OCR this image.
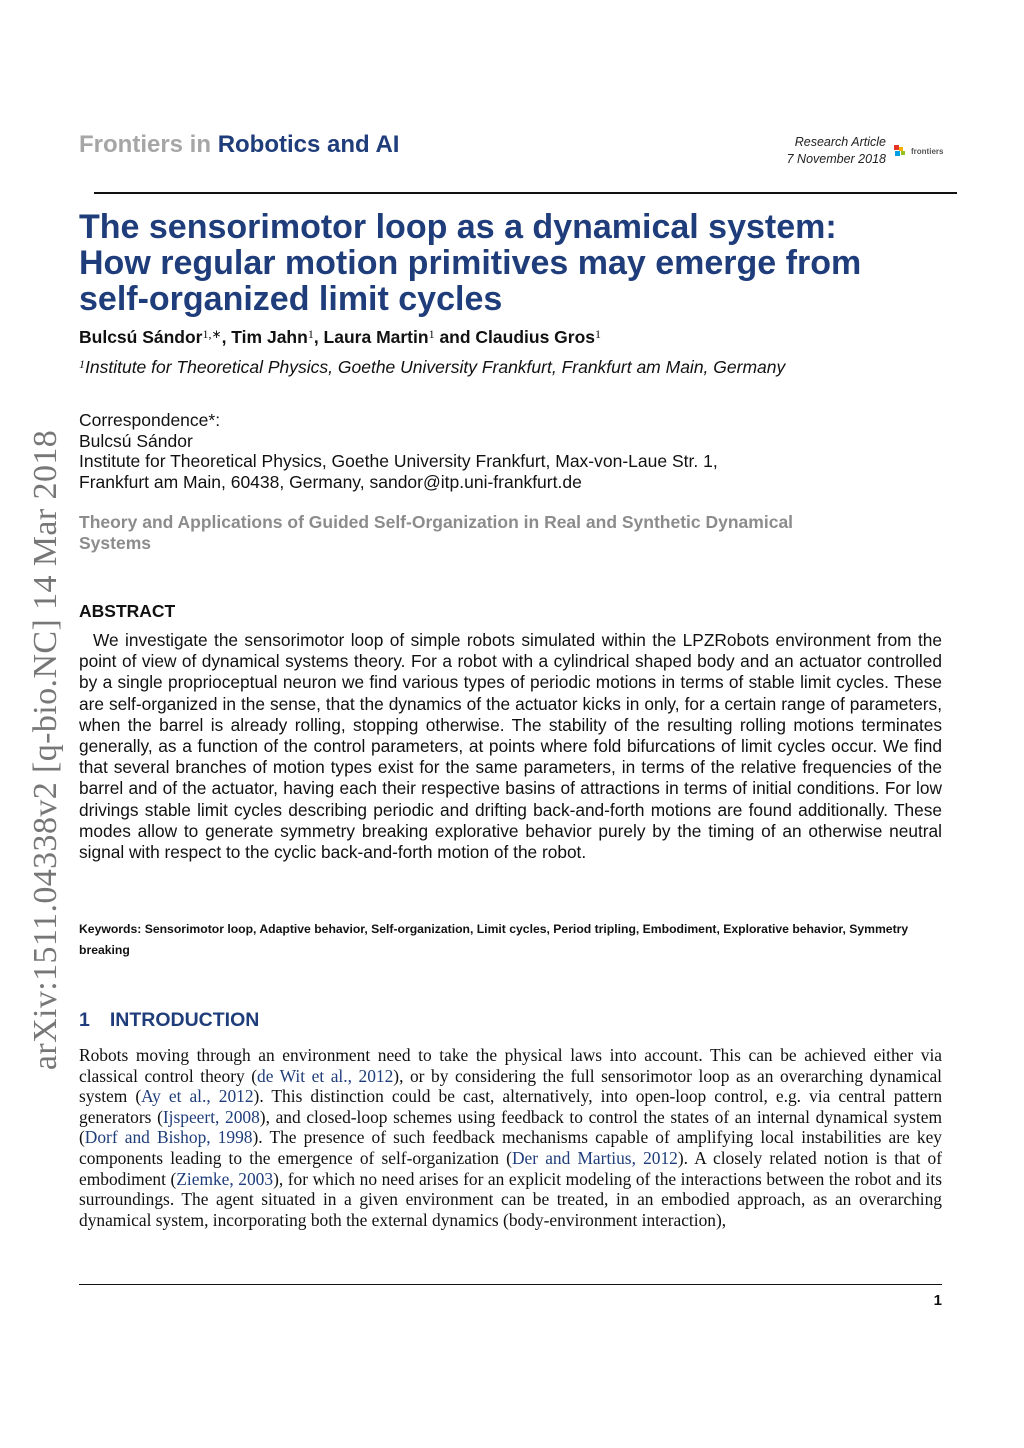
Frontiers in Robotics and AI	Research Article
7 November 2018
frontiers
The sensorimotor loop as a dynamical system: How regular motion primitives may emerge from self-organized limit cycles
Bulcsú Sándor$^{1,∗}$, Tim Jahn$^1$, Laura Martin$^1$ and Claudius Gros$^1$
$^1$Institute for Theoretical Physics, Goethe University Frankfurt, Frankfurt am Main, Germany
Correspondence*:
Bulcsú Sándor
Institute for Theoretical Physics, Goethe University Frankfurt, Max-von-Laue Str. 1,
Frankfurt am Main, 60438, Germany, sandor@itp.uni-frankfurt.de
Theory and Applications of Guided Self-Organization in Real and Synthetic Dynamical Systems
ABSTRACT

We investigate the sensorimotor loop of simple robots simulated within the LPZRobots environment from the point of view of dynamical systems theory. For a robot with a cylindrical shaped body and an actuator controlled by a single proprioceptual neuron we find various types of periodic motions in terms of stable limit cycles. These are self-organized in the sense, that the dynamics of the actuator kicks in only, for a certain range of parameters, when the barrel is already rolling, stopping otherwise. The stability of the resulting rolling motions terminates generally, as a function of the control parameters, at points where fold bifurcations of limit cycles occur. We find that several branches of motion types exist for the same parameters, in terms of the relative frequencies of the barrel and of the actuator, having each their respective basins of attractions in terms of initial conditions. For low drivings stable limit cycles describing periodic and drifting back-and-forth motions are found additionally. These modes allow to generate symmetry breaking explorative behavior purely by the timing of an otherwise neutral signal with respect to the cyclic back-and-forth motion of the robot.

Keywords: Sensorimotor loop, Adaptive behavior, Self-organization, Limit cycles, Period tripling, Embodiment, Explorative behavior, Symmetry breaking

1 INTRODUCTION

Robots moving through an environment need to take the physical laws into account. This can be achieved either via classical control theory (de Wit et al., 2012), or by considering the full sensorimotor loop as an overarching dynamical system (Ay et al., 2012). This distinction could be cast, alternatively, into open-loop control, e.g. via central pattern generators (Ijspeert, 2008), and closed-loop schemes using feedback to control the states of an internal dynamical system (Dorf and Bishop, 1998). The presence of such feedback mechanisms capable of amplifying local instabilities are key components leading to the emergence of self-organization (Der and Martius, 2012). A closely related notion is that of embodiment (Ziemke, 2003), for which no need arises for an explicit modeling of the interactions between the robot and its surroundings. The agent situated in a given environment can be treated, in an embodied approach, as an overarching dynamical system, incorporating both the external dynamics (body-environment interaction),

1
arXiv:1511.04338v2 [q-bio.NC] 14 Mar 2018
